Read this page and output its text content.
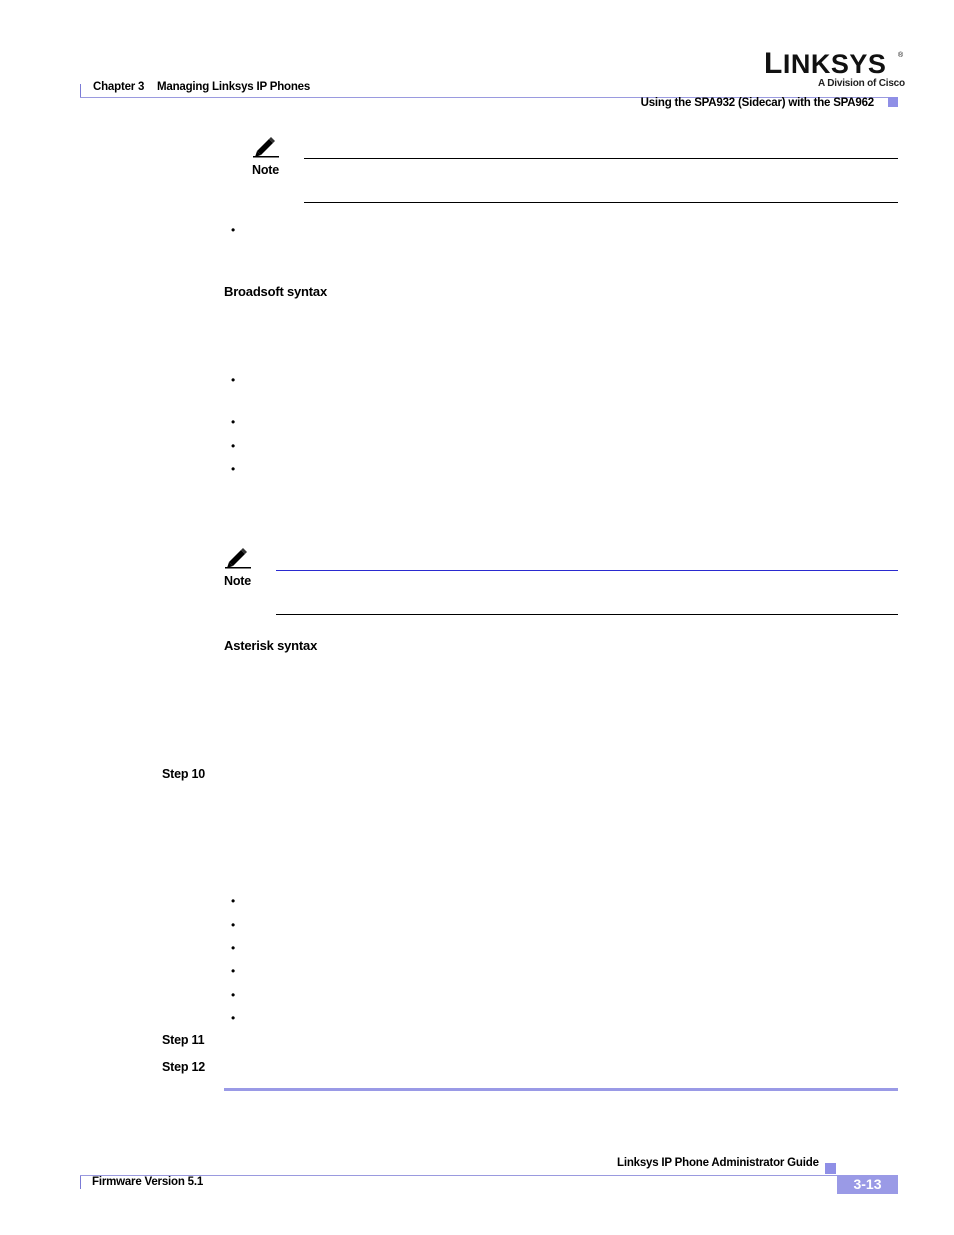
Chapter 3 Managing Linksys IP Phones
Using the SPA932 (Sidecar) with the SPA962
LINKSYS ®
A Division of Cisco
Note
•
Broadsoft syntax
•
•
•
•
Note
Asterisk syntax
Step 10
•
•
•
•
•
•
Step 11
Step 12
Linksys IP Phone Administrator Guide
Firmware Version 5.1	3-13
